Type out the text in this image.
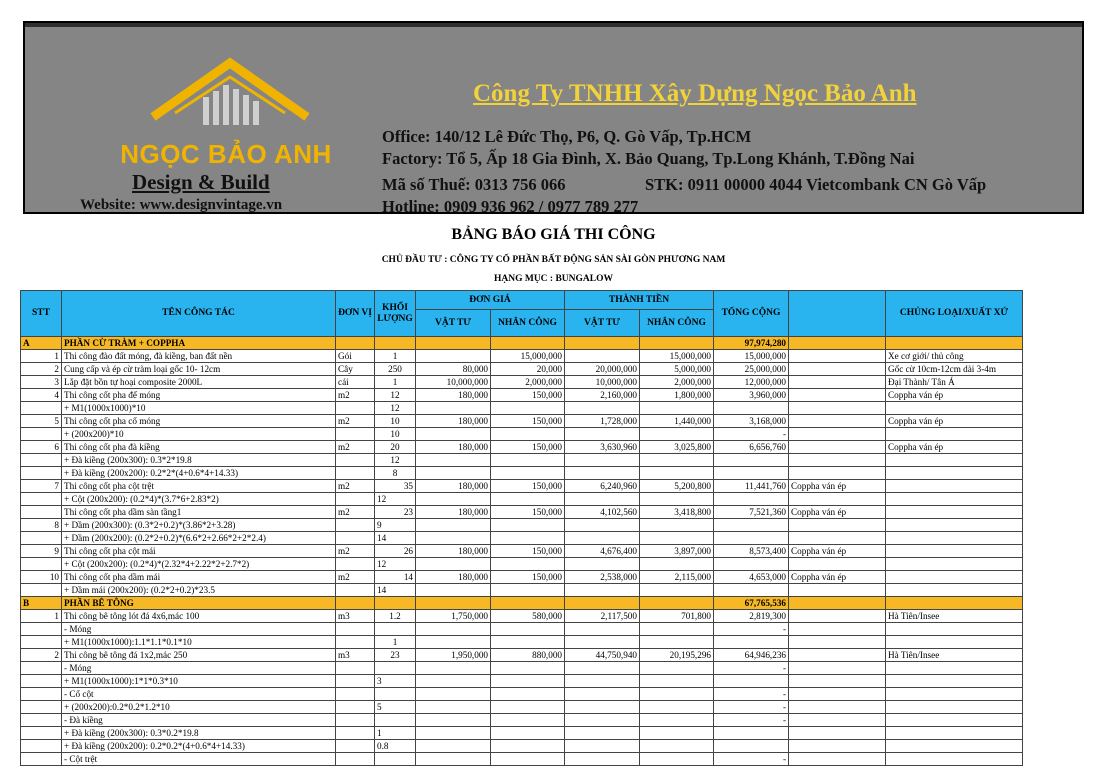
NGỌC BẢO ANH
Design & Build
Website: www.designvintage.vn
Công Ty TNHH Xây Dựng Ngọc Bảo Anh
Office: 140/12 Lê Đức Thọ, P6, Q. Gò Vấp, Tp.HCM
Factory: Tổ 5, Ấp 18 Gia Đình, X. Bảo Quang, Tp.Long Khánh, T.Đồng Nai
Mã số Thuế: 0313 756 066	STK: 0911 00000 4044 Vietcombank CN Gò Vấp
Hotline: 0909 936 962 / 0977 789 277
BẢNG BÁO GIÁ THI CÔNG
CHỦ ĐẦU TƯ : CÔNG TY CỔ PHẦN BẤT ĐỘNG SẢN SÀI GÒN PHƯƠNG NAM
HẠNG MỤC : BUNGALOW
STT	TÊN CÔNG TÁC	ĐƠN VỊ	KHỐI LƯỢNG	ĐƠN GIÁ		THÀNH TIỀN		TỔNG CỘNG		CHỦNG LOẠI/XUẤT XỨ
				VẬT TƯ	NHÂN CÔNG	VẬT TƯ	NHÂN CÔNG			
A	PHẦN CỪ TRÀM + COPPHA							97,974,280		
1	Thi công đào đất móng, đà kiềng, ban đất nền	Gói	1		15,000,000		15,000,000	15,000,000		Xe cơ giới/ thủ công
2	Cung cấp và ép cừ tràm loại gốc 10- 12cm	Cây	250	80,000	20,000	20,000,000	5,000,000	25,000,000		Gốc cừ 10cm-12cm dài 3-4m
3	Lắp đặt bồn tự hoại composite 2000L	cái	1	10,000,000	2,000,000	10,000,000	2,000,000	12,000,000		Đại Thành/ Tân Á
4	Thi công cốt pha đế móng	m2	12	180,000	150,000	2,160,000	1,800,000	3,960,000		Coppha ván ép
	+ M1(1000x1000)*10		12							
5	Thi công cốt pha cổ móng	m2	10	180,000	150,000	1,728,000	1,440,000	3,168,000		Coppha ván ép
	+ (200x200)*10		10					-		
6	Thi công cốt pha đà kiềng	m2	20	180,000	150,000	3,630,960	3,025,800	6,656,760		Coppha ván ép
	+ Đà kiềng (200x300): 0.3*2*19.8		12							
	+ Đà kiềng (200x200): 0.2*2*(4+0.6*4+14.33)		8							
7	Thi công cốt pha cột trệt	m2	35	180,000	150,000	6,240,960	5,200,800	11,441,760	Coppha ván ép	
	+ Cột (200x200): (0.2*4)*(3.7*6+2.83*2)		12							
	Thi công cốt pha dầm sàn tầng1	m2	23	180,000	150,000	4,102,560	3,418,800	7,521,360	Coppha ván ép	
8	+ Dầm (200x300): (0.3*2+0.2)*(3.86*2+3.28)		9							
	+ Dầm (200x200): (0.2*2+0.2)*(6.6*2+2.66*2+2*2.4)		14							
9	Thi công cốt pha cột mái	m2	26	180,000	150,000	4,676,400	3,897,000	8,573,400	Coppha ván ép	
	+ Cột (200x200): (0.2*4)*(2.32*4+2.22*2+2.7*2)		12							
10	Thi công cốt pha dầm mái	m2	14	180,000	150,000	2,538,000	2,115,000	4,653,000	Coppha ván ép	
	+ Dầm mái (200x200): (0.2*2+0.2)*23.5		14							
B	PHẦN BÊ TÔNG							67,765,536		
1	Thi công bê tông lót đá 4x6,mác 100	m3	1.2	1,750,000	580,000	2,117,500	701,800	2,819,300		Hà Tiên/Insee
	- Móng							-		
	+ M1(1000x1000):1.1*1.1*0.1*10		1							
2	Thi công bê tông đá 1x2,mác 250	m3	23	1,950,000	880,000	44,750,940	20,195,296	64,946,236		Hà Tiên/Insee
	- Móng							-		
	+ M1(1000x1000):1*1*0.3*10		3							
	- Cổ cột							-		
	+ (200x200):0.2*0.2*1.2*10		5					-		
	- Đà kiềng							-		
	+ Đà kiềng (200x300): 0.3*0.2*19.8		1							
	+ Đà kiềng (200x200): 0.2*0.2*(4+0.6*4+14.33)		0.8							
	- Cột trệt							-		
